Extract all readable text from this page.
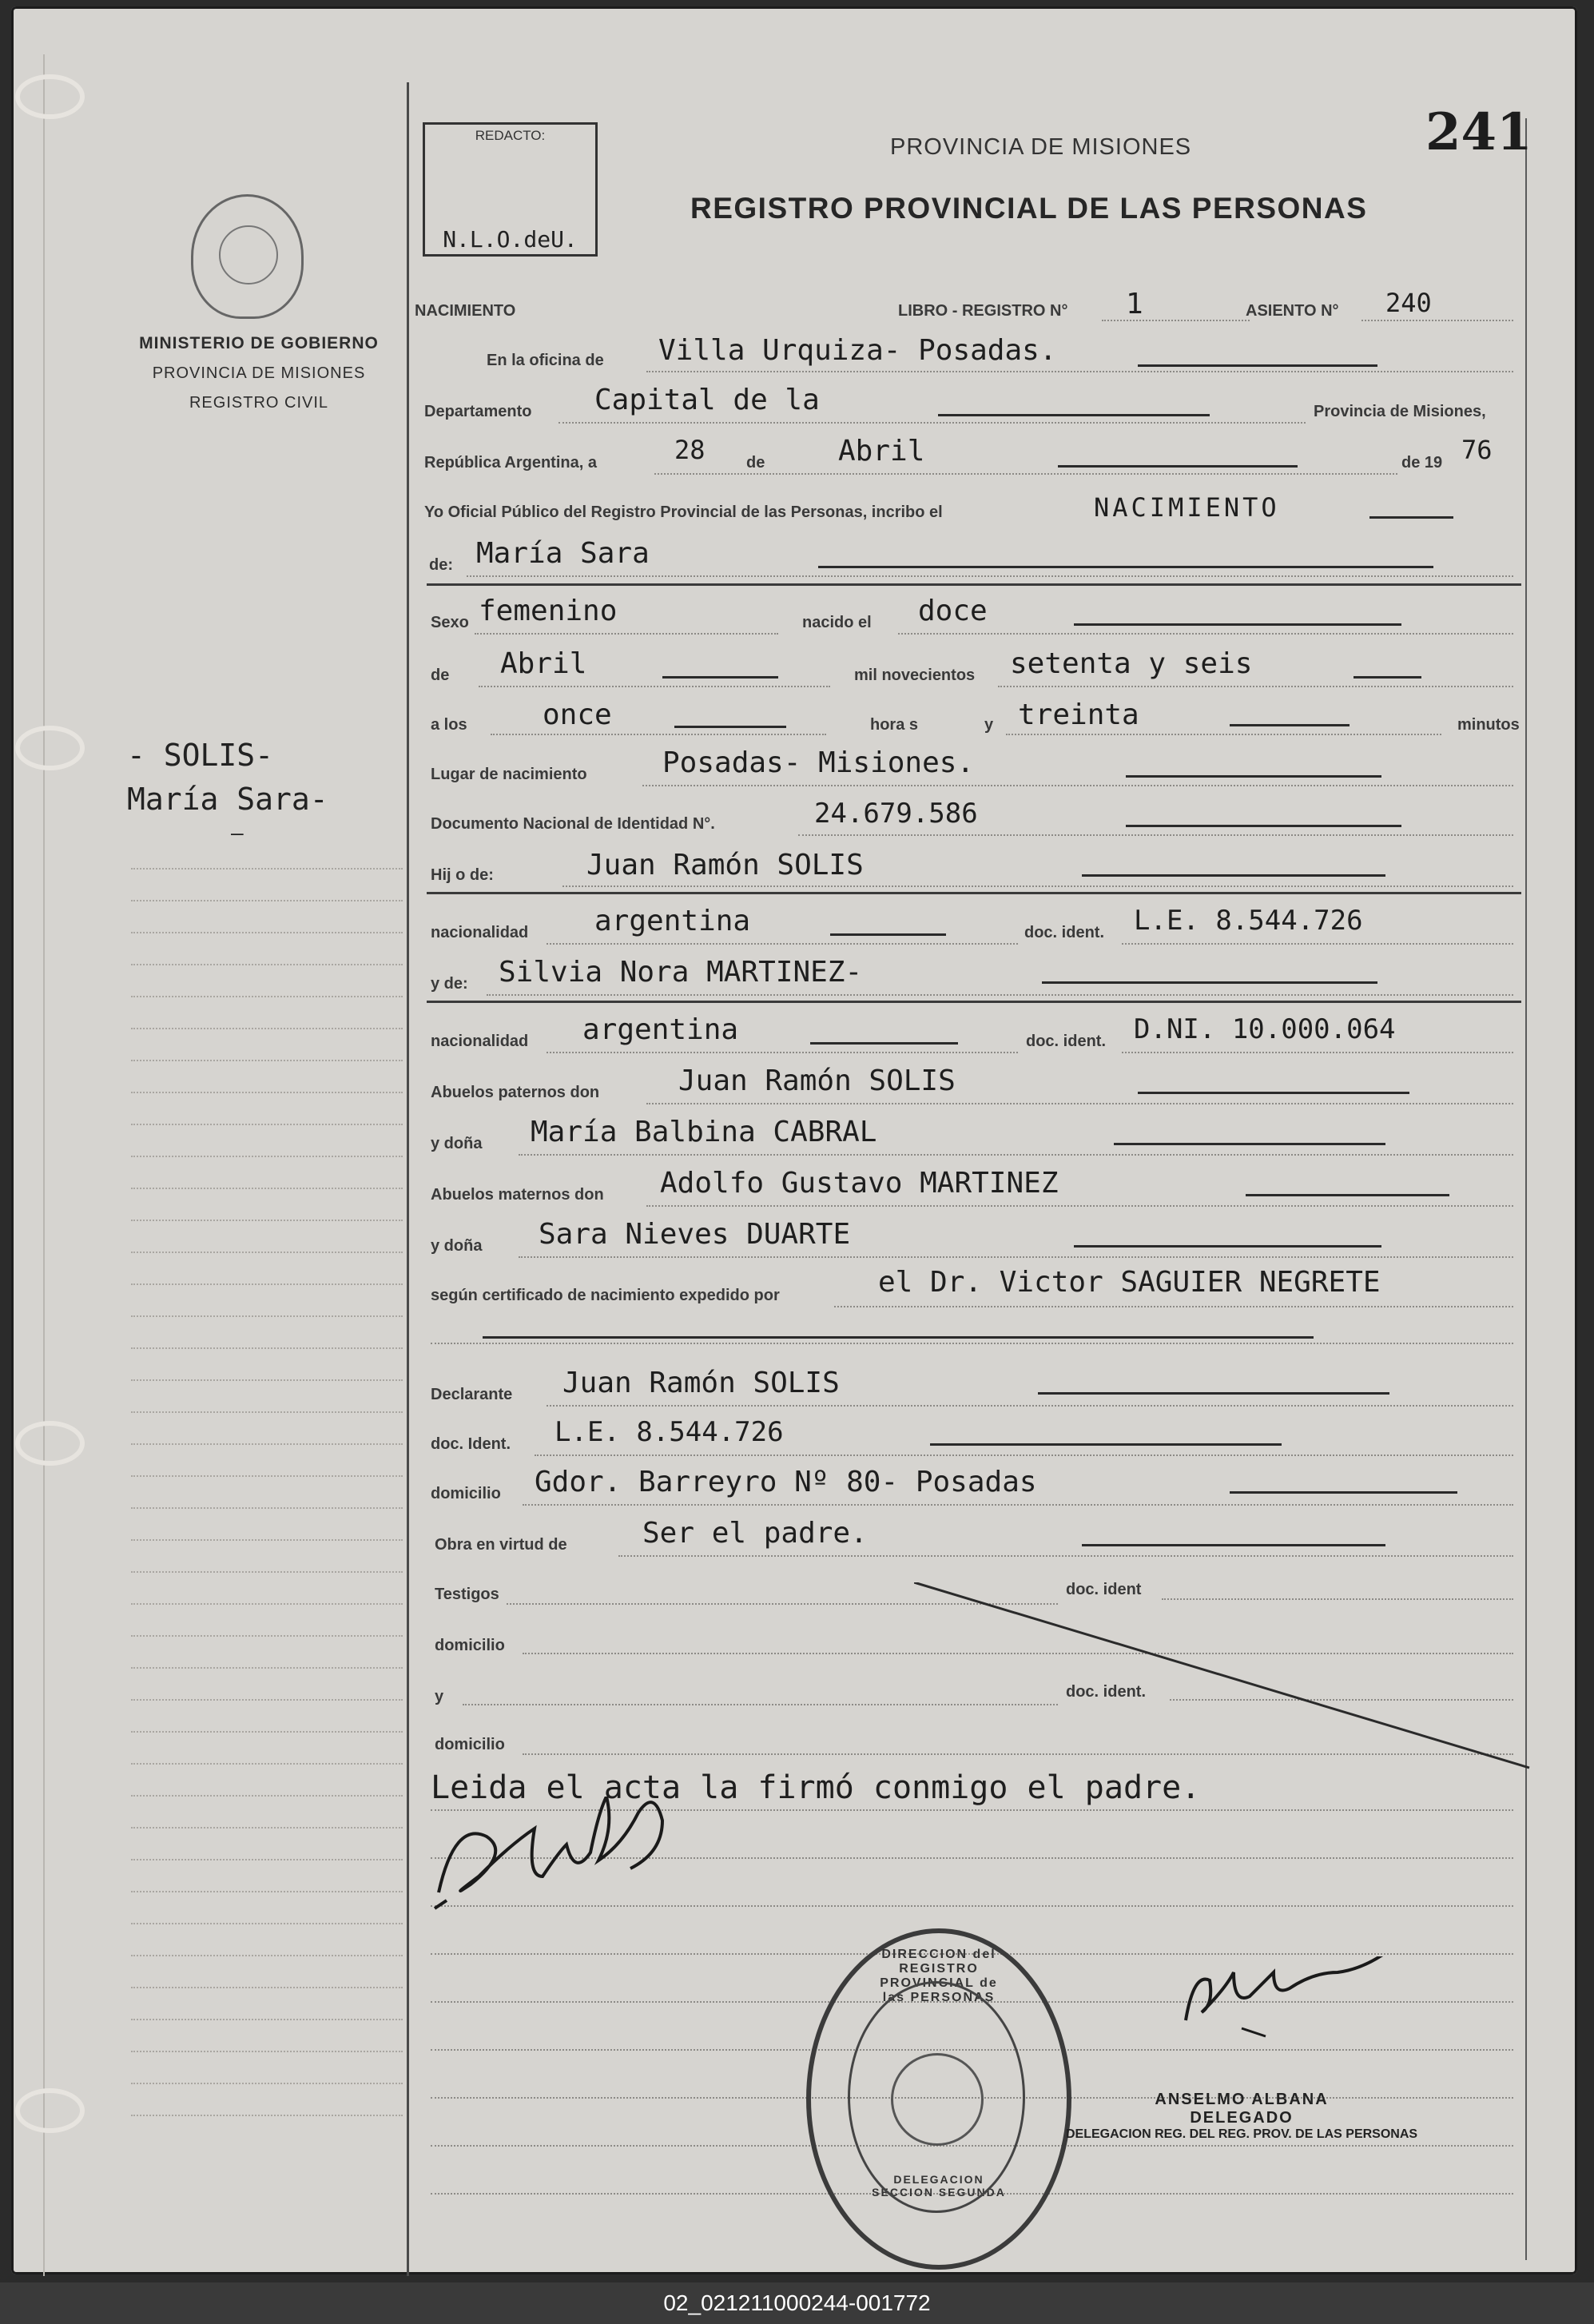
MINISTERIO DE GOBIERNO
PROVINCIA DE MISIONES
REGISTRO CIVIL
- SOLIS-
María Sara-
—
REDACTO:
N.L.O.deU.
241
PROVINCIA DE MISIONES
REGISTRO PROVINCIAL DE LAS PERSONAS
NACIMIENTO	LIBRO - REGISTRO N° 1	ASIENTO N° 240
En la oficina de Villa Urquiza- Posadas.
Departamento Capital de la	Provincia de Misiones,
República Argentina, a	28	de	Abril	de 19 76
Yo Oficial Público del Registro Provincial de las Personas, incribo el	NACIMIENTO
de: María Sara
Sexo femenino	nacido el doce
de Abril	mil novecientos setenta y seis
a los	once	hora s	y treinta	minutos
Lugar de nacimiento	Posadas- Misiones.
Documento Nacional de Identidad N°.	24.679.586
Hij o de:	Juan Ramón SOLIS
nacionalidad argentina	doc. ident. L.E. 8.544.726
y de: Silvia Nora MARTINEZ-
nacionalidad argentina	doc. ident. D.NI. 10.000.064
Abuelos paternos don	Juan Ramón SOLIS
y doña María Balbina CABRAL
Abuelos maternos don Adolfo Gustavo MARTINEZ
y doña Sara Nieves DUARTE
según certificado de nacimiento expedido por	el Dr. Victor SAGUIER NEGRETE
Declarante Juan Ramón SOLIS
doc. Ident. L.E. 8.544.726
domicilio Gdor. Barreyro Nº 80- Posadas
Obra en virtud de	Ser el padre.
Testigos	doc. ident
domicilio
y	doc. ident.
domicilio
Leida el acta la firmó conmigo el padre.
DIRECCION del REGISTRO PROVINCIAL de las PERSONAS
DELEGACION SECCION SEGUNDA
ANSELMO ALBANA
DELEGADO
DELEGACION REG. DEL REG. PROV. DE LAS PERSONAS
02_021211000244-001772
